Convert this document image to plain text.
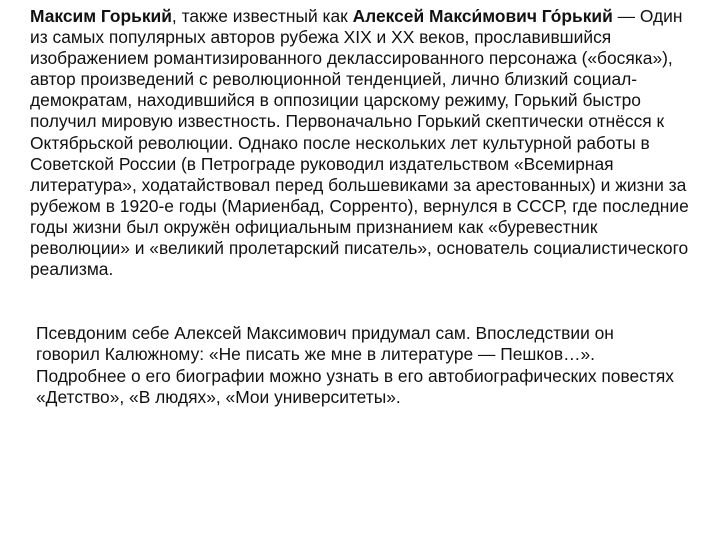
Максим Горький, также известный как Алексей Макси́мович Го́рький — Один из самых популярных авторов рубежа XIX и XX веков, прославившийся изображением романтизированного деклассированного персонажа («босяка»), автор произведений с революционной тенденцией, лично близкий социал-демократам, находившийся в оппозиции царскому режиму, Горький быстро получил мировую известность. Первоначально Горький скептически отнёсся к Октябрьской революции. Однако после нескольких лет культурной работы в Советской России (в Петрограде руководил издательством «Всемирная литература», ходатайствовал перед большевиками за арестованных) и жизни за рубежом в 1920-е годы (Мариенбад, Сорренто), вернулся в СССР, где последние годы жизни был окружён официальным признанием как «буревестник революции» и «великий пролетарский писатель», основатель социалистического реализма.

Псевдоним себе Алексей Максимович придумал сам. Впоследствии он говорил Калюжному: «Не писать же мне в литературе — Пешков…». Подробнее о его биографии можно узнать в его автобиографических повестях «Детство», «В людях», «Мои университеты».
